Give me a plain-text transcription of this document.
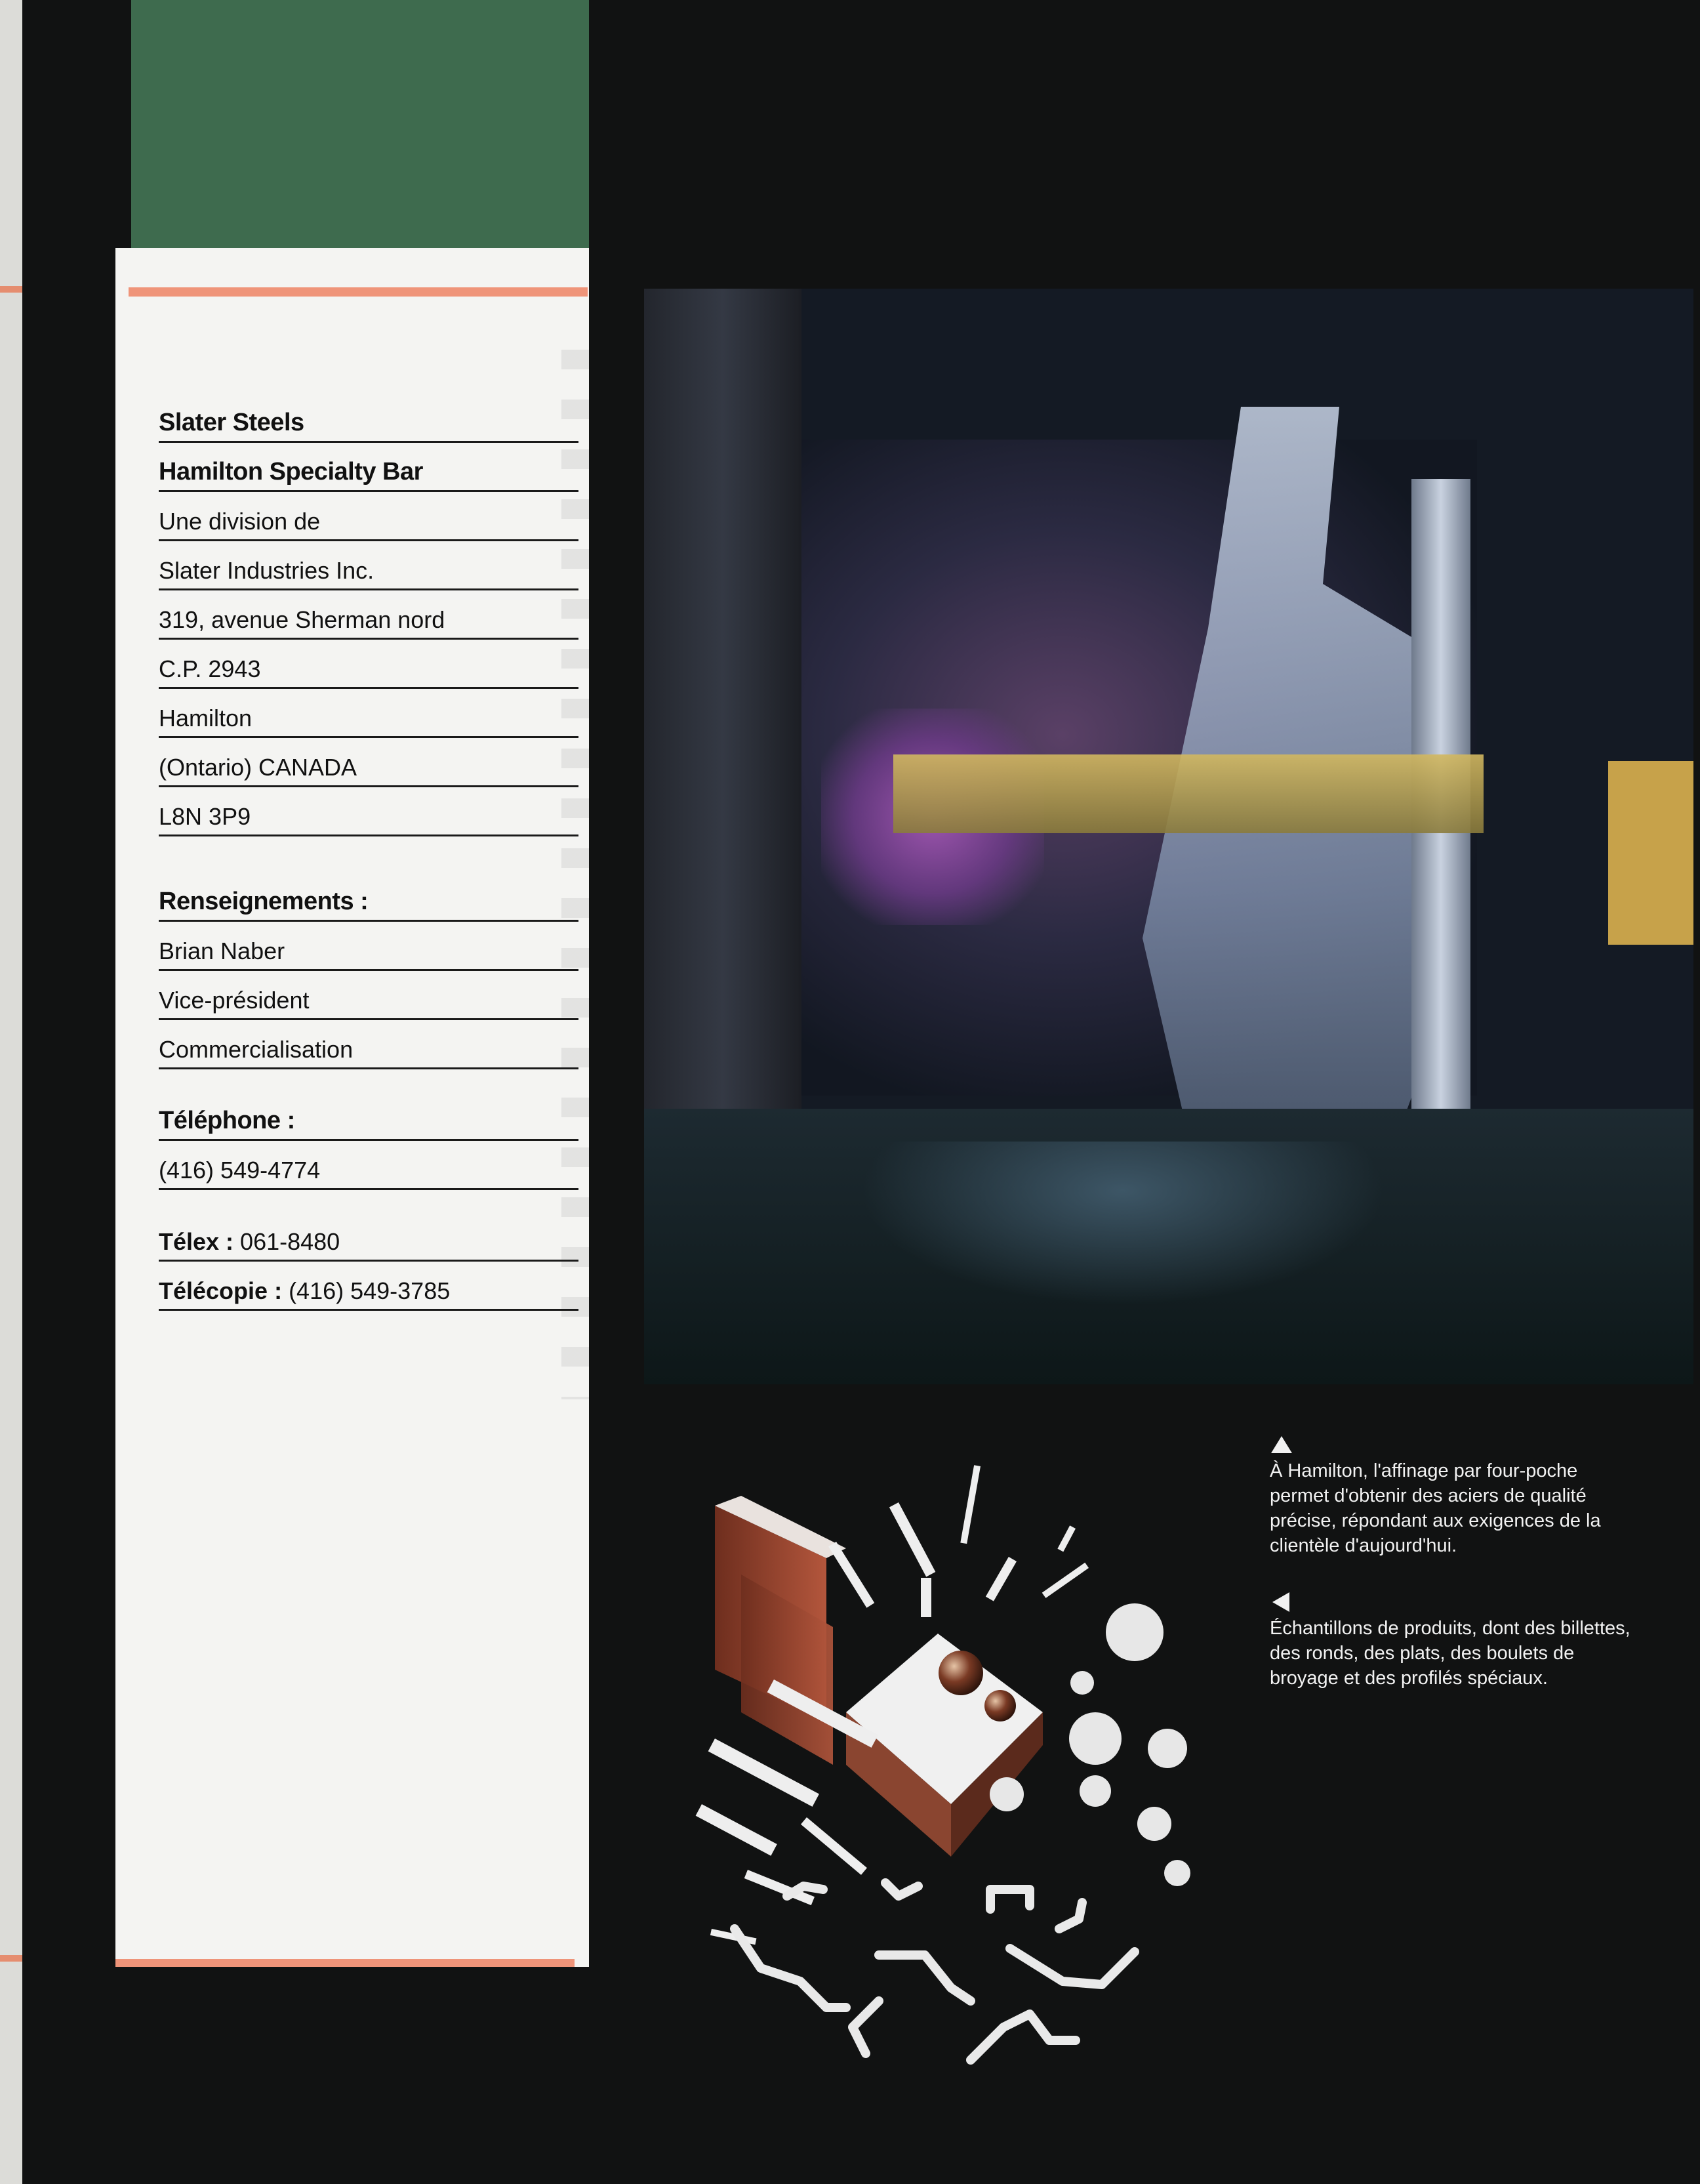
Slater Steels
Hamilton Specialty Bar
Une division de
Slater Industries Inc.
319, avenue Sherman nord
C.P. 2943
Hamilton
(Ontario) CANADA
L8N 3P9
Renseignements :
Brian Naber
Vice-président
Commercialisation
Téléphone :
(416) 549-4774
Télex : 061-8480
Télécopie : (416) 549-3785

À Hamilton, l'affinage par four-poche permet d'obtenir des aciers de qualité précise, répondant aux exigences de la clientèle d'aujourd'hui.

Échantillons de produits, dont des billettes, des ronds, des plats, des boulets de broyage et des profilés spéciaux.
